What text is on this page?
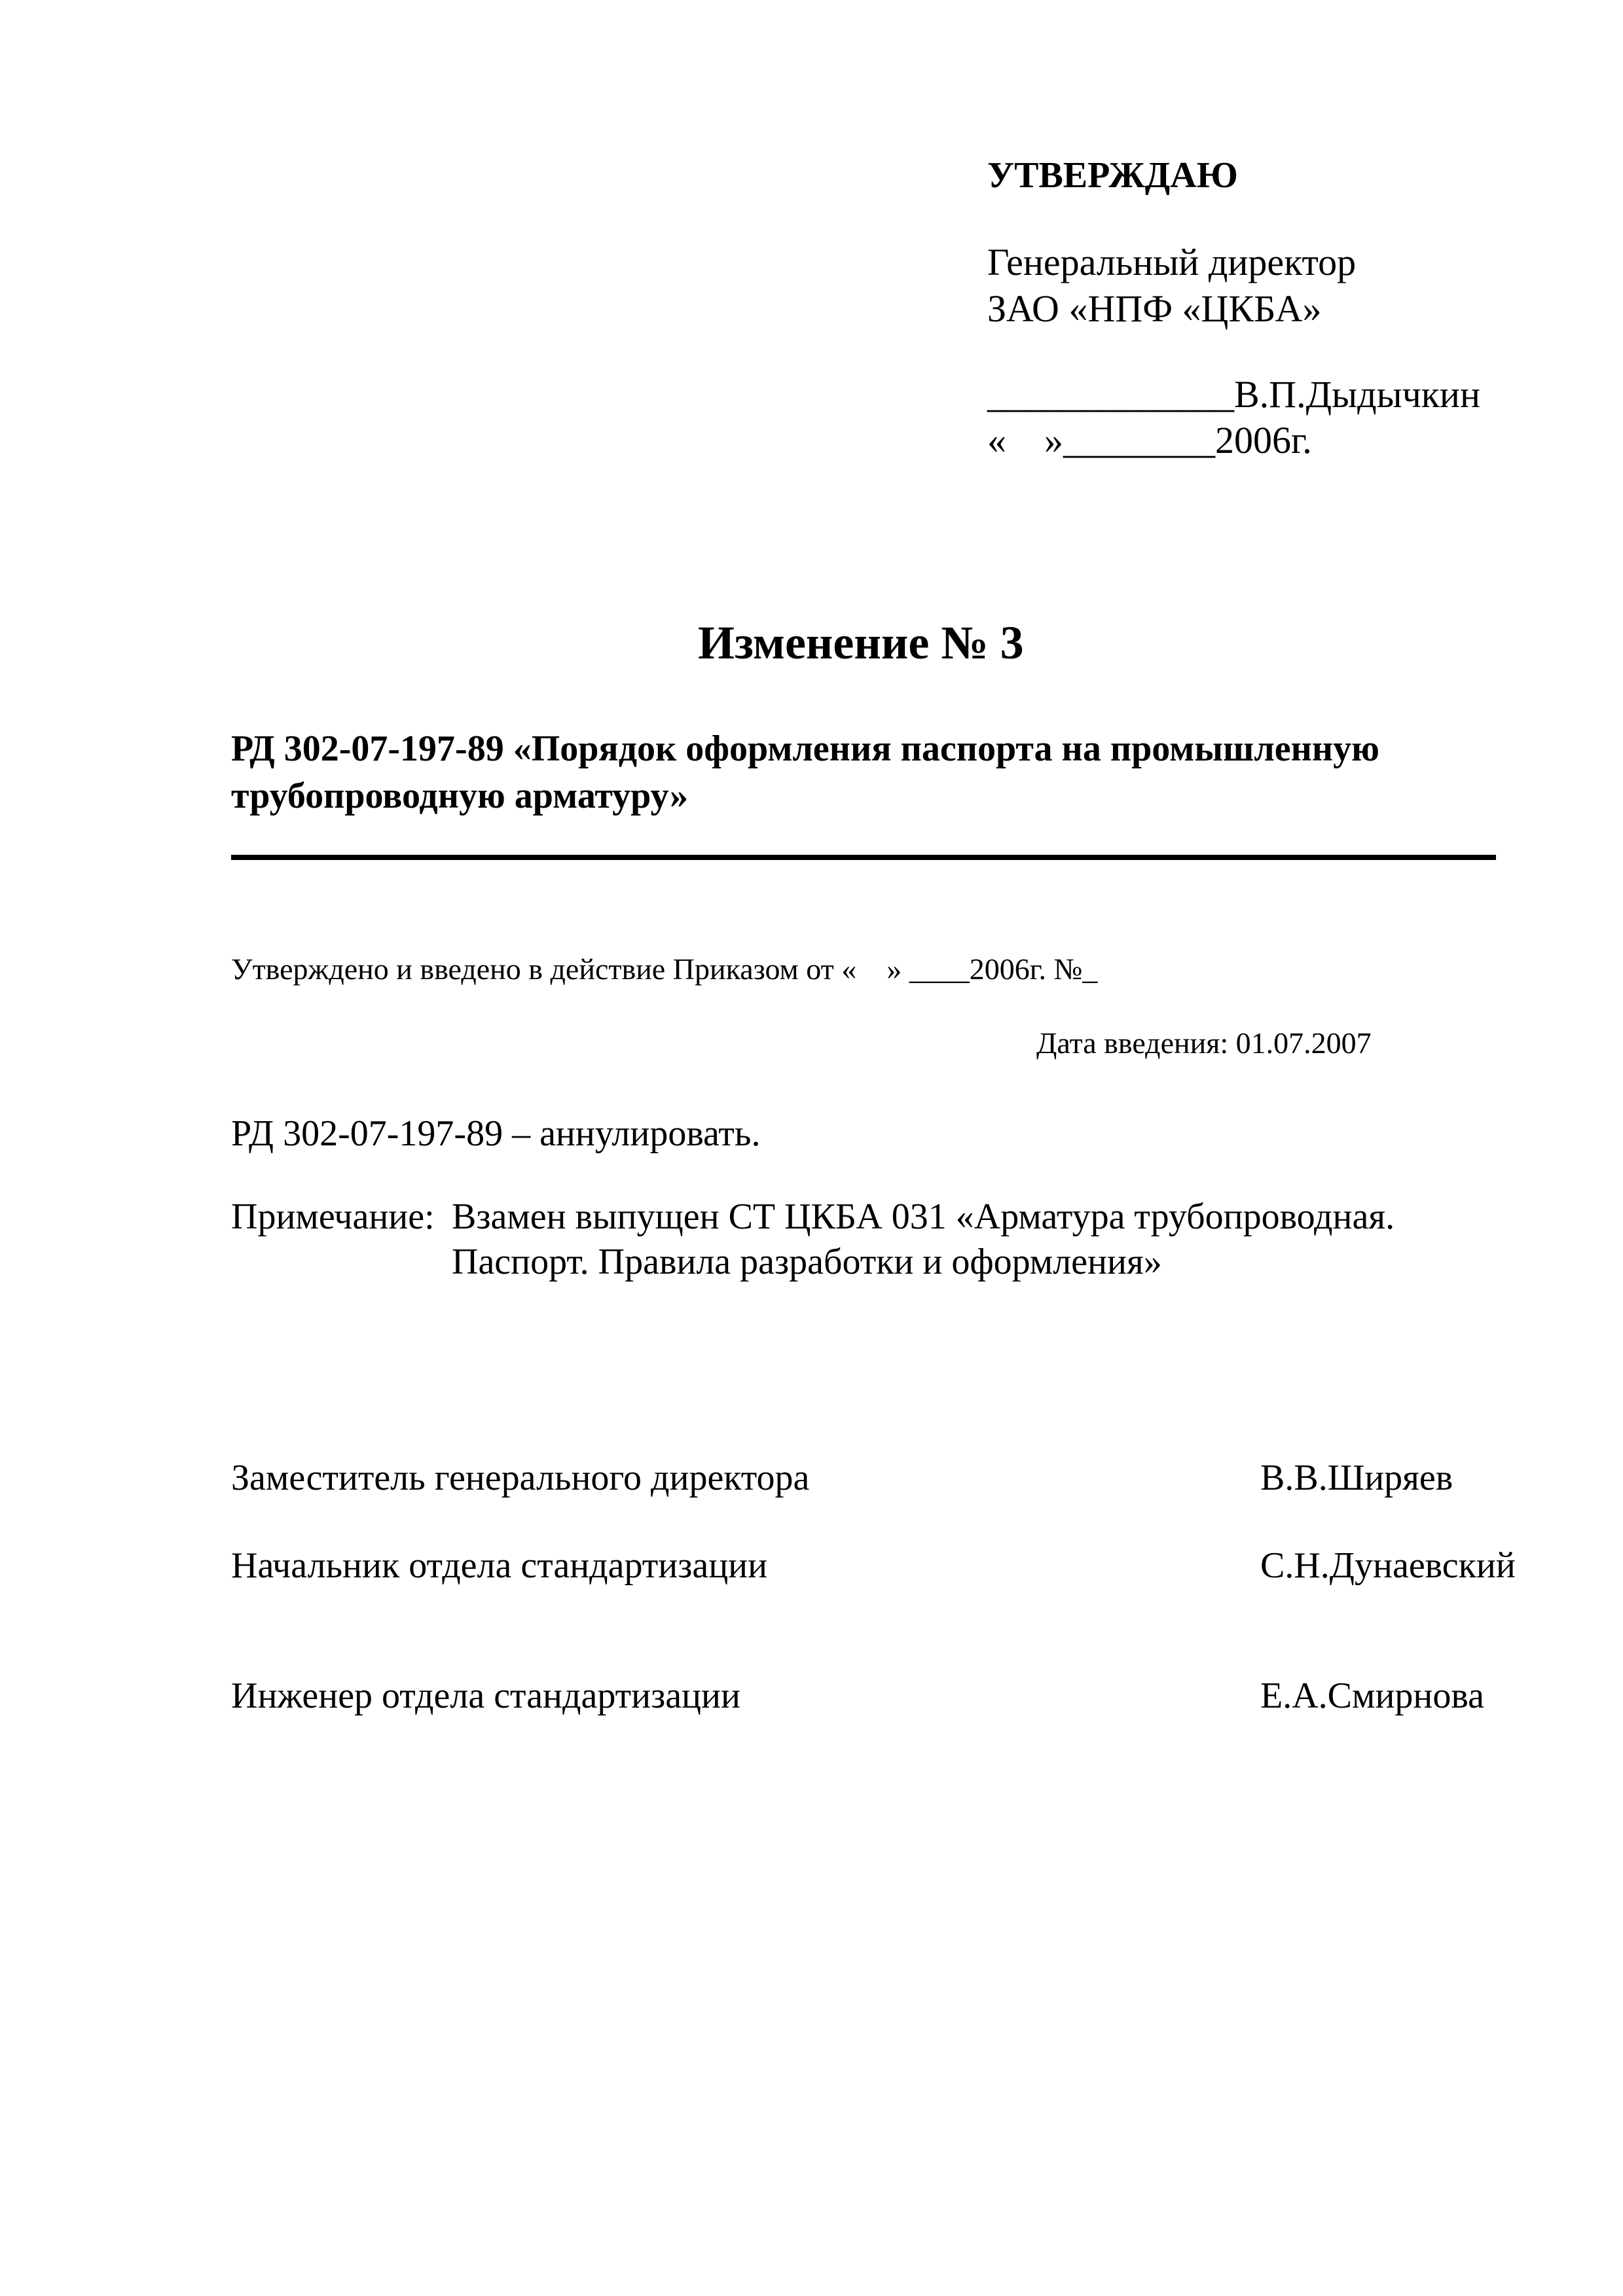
УТВЕРЖДАЮ
Генеральный директор
ЗАО «НПФ «ЦКБА»
_____________В.П.Дыдычкин
«    »________2006г.
Изменение № 3
РД 302-07-197-89 «Порядок оформления паспорта на промышленную
трубопроводную арматуру»
Утверждено и введено в действие Приказом от «    » ____2006г. №_
Дата введения: 01.07.2007
РД 302-07-197-89 – аннулировать.
Примечание: Взамен выпущен СТ ЦКБА 031 «Арматура трубопроводная.
Паспорт. Правила разработки и оформления»
Заместитель генерального директора	В.В.Ширяев
Начальник отдела стандартизации	С.Н.Дунаевский
Инженер отдела стандартизации	Е.А.Смирнова
